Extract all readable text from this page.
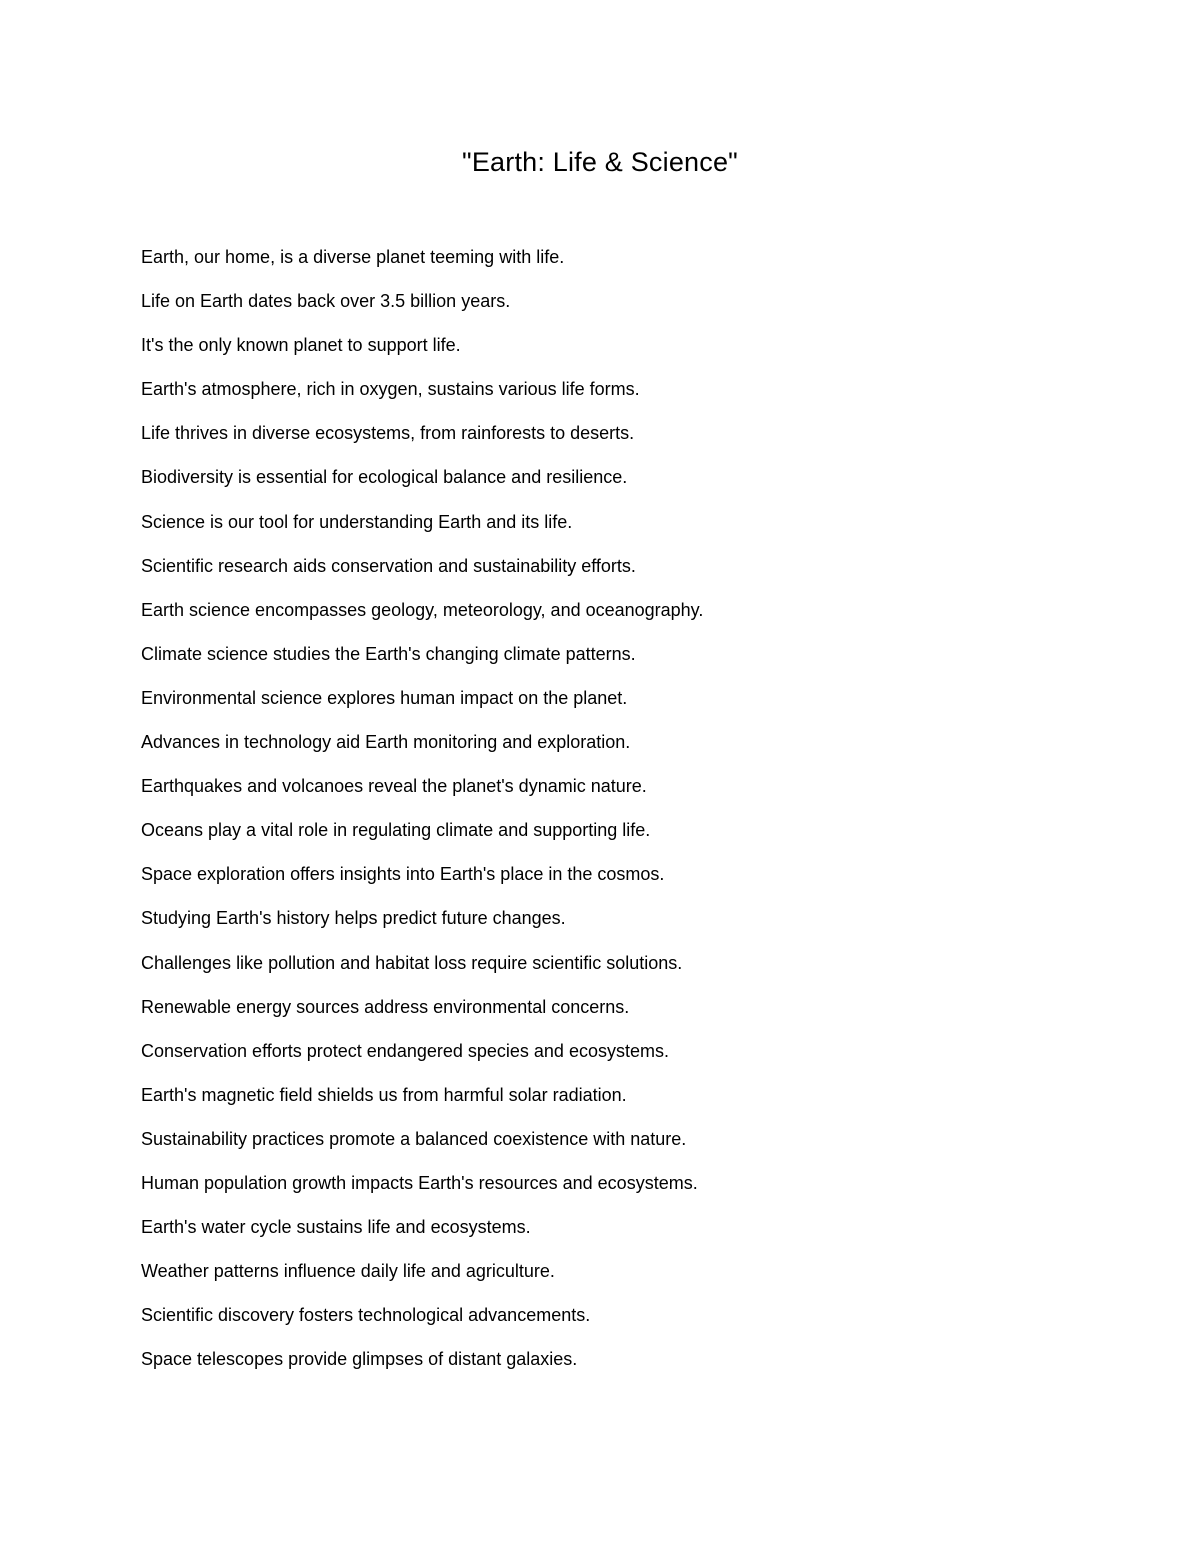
"Earth: Life & Science"
Earth, our home, is a diverse planet teeming with life.
Life on Earth dates back over 3.5 billion years.
It's the only known planet to support life.
Earth's atmosphere, rich in oxygen, sustains various life forms.
Life thrives in diverse ecosystems, from rainforests to deserts.
Biodiversity is essential for ecological balance and resilience.
Science is our tool for understanding Earth and its life.
Scientific research aids conservation and sustainability efforts.
Earth science encompasses geology, meteorology, and oceanography.
Climate science studies the Earth's changing climate patterns.
Environmental science explores human impact on the planet.
Advances in technology aid Earth monitoring and exploration.
Earthquakes and volcanoes reveal the planet's dynamic nature.
Oceans play a vital role in regulating climate and supporting life.
Space exploration offers insights into Earth's place in the cosmos.
Studying Earth's history helps predict future changes.
Challenges like pollution and habitat loss require scientific solutions.
Renewable energy sources address environmental concerns.
Conservation efforts protect endangered species and ecosystems.
Earth's magnetic field shields us from harmful solar radiation.
Sustainability practices promote a balanced coexistence with nature.
Human population growth impacts Earth's resources and ecosystems.
Earth's water cycle sustains life and ecosystems.
Weather patterns influence daily life and agriculture.
Scientific discovery fosters technological advancements.
Space telescopes provide glimpses of distant galaxies.
